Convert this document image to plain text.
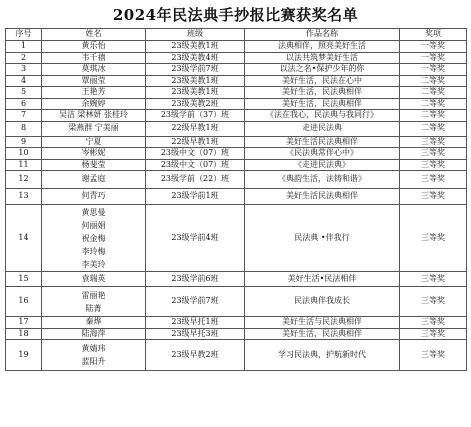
2024年民法典手抄报比赛获奖名单
序号	姓名	班级	作品名称	奖项
1	黄乐怡	23级美教1班	法典相伴，照亮美好生活	一等奖
2	韦千禧	23级美教4班	以法共筑梦美好生活	一等奖
3	莫琪冰	23级学前7班	以法之名•保护少年的你	一等奖
4	覃丽莹	23级美教1班	美好生活，民法在心中	二等奖
5	王艳芳	23级美教1班	美好生活，民法典相伴	二等奖
6	余婉婷	23级美教2班	美好生活，民法典相伴	二等奖
7	吴洁 梁林妍 张桂玲	23级学前（37）班	《法在我心，民法典与我同行》	二等奖
8	梁燕群 宁美丽	22级早教1班	走进民法典	二等奖
9	宁夏	22级早教1班	美好生活民法典相伴	三等奖
10	岑彬妮	23级中文（07）班	《民法典常伴心中》	三等奖
11	杨斐莹	23级中文（07）班	《走进民法典》	三等奖
12	谢孟庭	23级学前（22）班	《典韵生活，法铸和谐》	三等奖
13	何青巧	23级学前1班	美好生活民法典相伴	三等奖
14	黄思曼
何丽娟
祝金梅
李玲梅
李美玲	23级学前4班	民法典 •伴我行	三等奖
15	袁瑞英	23级学前6班	美好生活•民法相伴	三等奖
16	雷丽艳
陆菁	23级学前7班	民法典伴我成长	三等奖
17	秦烨	23级早托1班	美好生活与民法典相伴	三等奖
18	陆海萍	23级早托3班	美好生活，民法典相伴	三等奖
19	黄婧玮
蓝阳升	23级早教2班	学习民法典，护航新时代	三等奖
